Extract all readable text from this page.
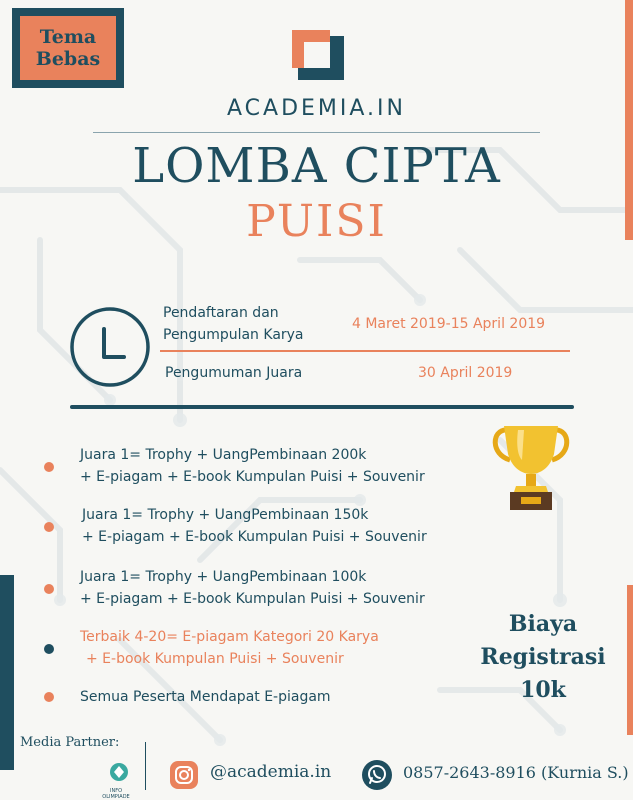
Tema
Bebas
ACADEMIA.IN
LOMBA CIPTA
PUISI
Pendaftaran dan
Pengumpulan Karya
4 Maret 2019-15 April 2019
Pengumuman Juara	30 April 2019
Juara 1= Trophy + UangPembinaan 200k
+ E-piagam + E-book Kumpulan Puisi + Souvenir
Juara 1= Trophy + UangPembinaan 150k
+ E-piagam + E-book Kumpulan Puisi + Souvenir
Juara 1= Trophy + UangPembinaan 100k
+ E-piagam + E-book Kumpulan Puisi + Souvenir
Terbaik 4-20= E-piagam Kategori 20 Karya
+ E-book Kumpulan Puisi + Souvenir
Semua Peserta Mendapat E-piagam
Biaya
Registrasi
10k
Media Partner:
INFO OLIMPIADE
@academia.in	0857-2643-8916 (Kurnia S.)
